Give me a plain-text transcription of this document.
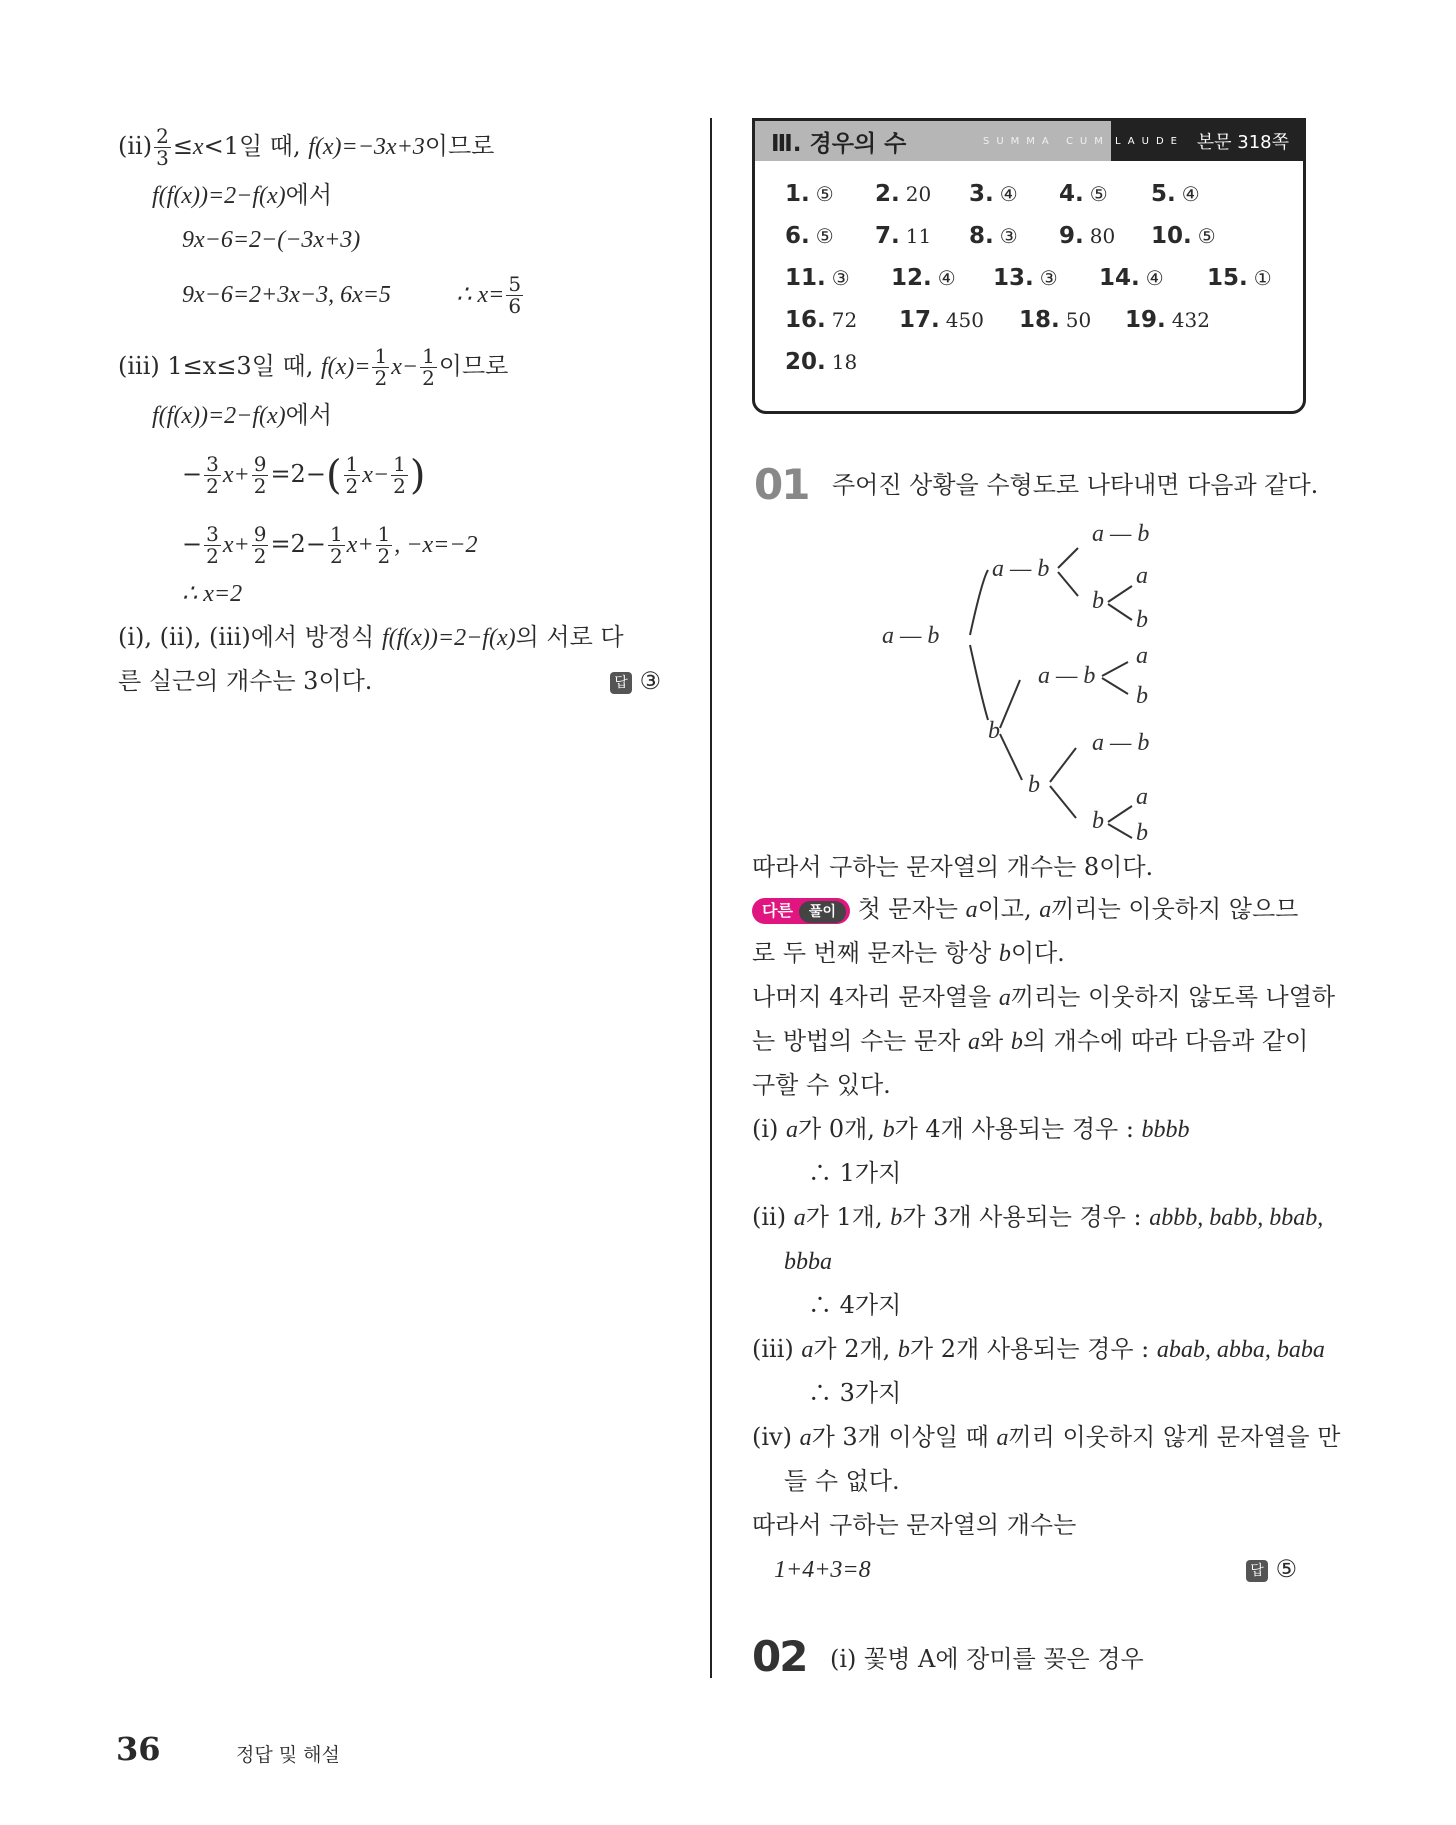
$(ii) \frac{2}{3} \le x<1$일 때, f(x)=−3x+3이므로
f(f(x))=2−f(x)에서
9x−6=2−(−3x+3)
9x−6=2+3x−3, 6x=5	∴ $x= \frac{5}{6}$
(iii) 1≤x≤3일 때, $f(x)= \frac{1}{2} x- \frac{1}{2}$ 이므로
f(f(x))=2−f(x)에서
− $\frac{3}{2} x+ \frac{9}{2} =2-( \frac{1}{2} x- \frac{1}{2}$ )
− $\frac{3}{2} x+ \frac{9}{2} =2- \frac{1}{2} x+ \frac{1}{2}$ , −x=−2
∴ x=2
(i), (ii), (iii)에서 방정식 f(f(x))=2−f(x)의 서로 다
른 실근의 개수는 3이다.	답 ③
Ⅲ. 경우의 수	SUMMA CUM LAUDE 본문 318쪽
1. ⑤ 2. 20 3. ④ 4. ⑤ 5. ④
6. ⑤ 7. 11 8. ③ 9. 80 10. ⑤
11. ③ 12. ④ 13. ③ 14. ④ 15. ①
16. 72 17. 450 18. 50 19. 432
20. 18
01 주어진 상황을 수형도로 나타내면 다음과 같다.
a — b
a — b
b
a — b
b
a
b
a — b
a
b
b
a — b
b
a
b
따라서 구하는 문자열의 개수는 8이다.
다른 풀이 첫 문자는 a이고, a끼리는 이웃하지 않으므
로 두 번째 문자는 항상 b이다.
나머지 4자리 문자열을 a끼리는 이웃하지 않도록 나열하
는 방법의 수는 문자 a와 b의 개수에 따라 다음과 같이
구할 수 있다.
(i) a가 0개, b가 4개 사용되는 경우 : bbbb
∴ 1가지
(ii) a가 1개, b가 3개 사용되는 경우 : abbb, babb, bbab,
bbba
∴ 4가지
(iii) a가 2개, b가 2개 사용되는 경우 : abab, abba, baba
∴ 3가지
(iv) a가 3개 이상일 때 a끼리 이웃하지 않게 문자열을 만
들 수 없다.
따라서 구하는 문자열의 개수는
1+4+3=8	답 ⑤
02 (i) 꽃병 A에 장미를 꽂은 경우
36	정답 및 해설
